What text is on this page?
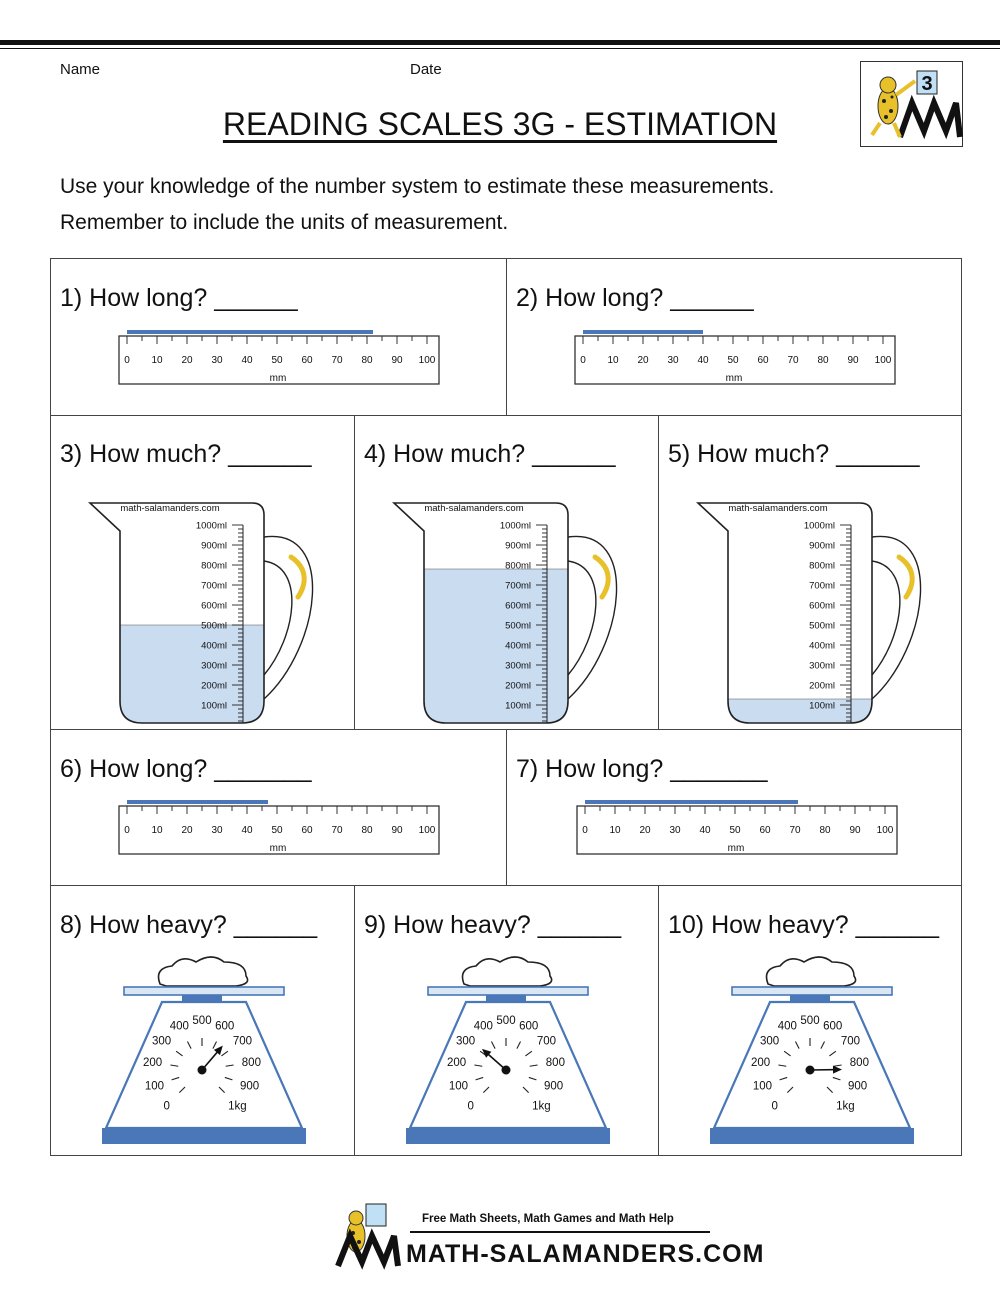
Name	Date
3
READING SCALES 3G - ESTIMATION
Use your knowledge of the number system to estimate these measurements.
Remember to include the units of measurement.
1) How long? ______	2) How long? ______
3) How much? ______ 4) How much? ______ 5) How much? ______
6) How long? _______	7) How long? _______
8) How heavy? ______ 9) How heavy? ______ 10) How heavy? ______
0 10 20 30 40 50 60 70 80 90 100
mm
0 10 20 30 40 50 60 70 80 90 100
mm
0 10 20 30 40 50 60 70 80 90 100
mm
0 10 20 30 40 50 60 70 80 90 100
mm
math-salamanders.com
1000ml
900ml
800ml
700ml
600ml
500ml
400ml
300ml
200ml
100ml
math-salamanders.com
1000ml
900ml
800ml
700ml
600ml
500ml
400ml
300ml
200ml
100ml
math-salamanders.com
1000ml
900ml
800ml
700ml
600ml
500ml
400ml
300ml
200ml
100ml
0
100
200
300
400 500 600
700
800
900
1kg	0
100
200
300
400 500 600
700
800
900
1kg	0
100
200
300
400 500 600
700
800
900
1kg
Free Math Sheets, Math Games and Math Help
MATH-SALAMANDERS.COM
